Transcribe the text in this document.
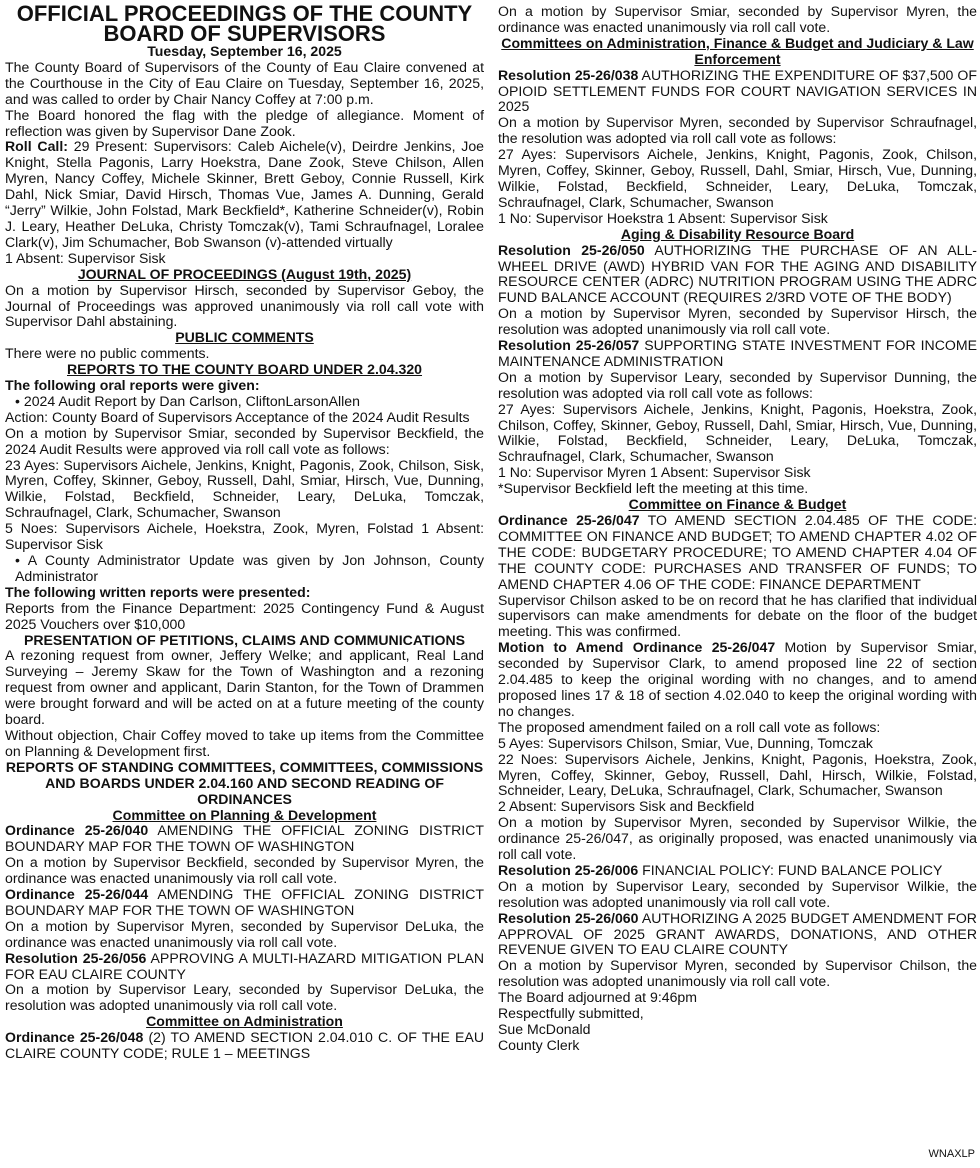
OFFICIAL PROCEEDINGS OF THE COUNTY BOARD OF SUPERVISORS

Tuesday, September 16, 2025

The County Board of Supervisors of the County of Eau Claire convened at the Courthouse in the City of Eau Claire on Tuesday, September 16, 2025, and was called to order by Chair Nancy Coffey at 7:00 p.m.

The Board honored the flag with the pledge of allegiance. Moment of reflection was given by Supervisor Dane Zook.

Roll Call: 29 Present: Supervisors: Caleb Aichele(v), Deirdre Jenkins, Joe Knight, Stella Pagonis, Larry Hoekstra, Dane Zook, Steve Chilson, Allen Myren, Nancy Coffey, Michele Skinner, Brett Geboy, Connie Russell, Kirk Dahl, Nick Smiar, David Hirsch, Thomas Vue, James A. Dunning, Gerald “Jerry” Wilkie, John Folstad, Mark Beckfield*, Katherine Schneider(v), Robin J. Leary, Heather DeLuka, Christy Tomczak(v), Tami Schraufnagel, Loralee Clark(v), Jim Schumacher, Bob Swanson (v)-attended virtually

1 Absent: Supervisor Sisk

JOURNAL OF PROCEEDINGS (August 19th, 2025)

On a motion by Supervisor Hirsch, seconded by Supervisor Geboy, the Journal of Proceedings was approved unanimously via roll call vote with Supervisor Dahl abstaining.

PUBLIC COMMENTS

There were no public comments.

REPORTS TO THE COUNTY BOARD UNDER 2.04.320

The following oral reports were given:

• 2024 Audit Report by Dan Carlson, CliftonLarsonAllen

Action: County Board of Supervisors Acceptance of the 2024 Audit Results

On a motion by Supervisor Smiar, seconded by Supervisor Beckfield, the 2024 Audit Results were approved via roll call vote as follows:

23 Ayes: Supervisors Aichele, Jenkins, Knight, Pagonis, Zook, Chilson, Sisk, Myren, Coffey, Skinner, Geboy, Russell, Dahl, Smiar, Hirsch, Vue, Dunning, Wilkie, Folstad, Beckfield, Schneider, Leary, DeLuka, Tomczak, Schraufnagel, Clark, Schumacher, Swanson

5 Noes: Supervisors Aichele, Hoekstra, Zook, Myren, Folstad 1 Absent: Supervisor Sisk

• A County Administrator Update was given by Jon Johnson, County Administrator

The following written reports were presented:

Reports from the Finance Department: 2025 Contingency Fund & August 2025 Vouchers over $10,000

PRESENTATION OF PETITIONS, CLAIMS AND COMMUNICATIONS

A rezoning request from owner, Jeffery Welke; and applicant, Real Land Surveying – Jeremy Skaw for the Town of Washington and a rezoning request from owner and applicant, Darin Stanton, for the Town of Drammen were brought forward and will be acted on at a future meeting of the county board.

Without objection, Chair Coffey moved to take up items from the Committee on Planning & Development first.

REPORTS OF STANDING COMMITTEES, COMMITTEES, COMMISSIONS AND BOARDS UNDER 2.04.160 AND SECOND READING OF ORDINANCES

Committee on Planning & Development

Ordinance 25-26/040 AMENDING THE OFFICIAL ZONING DISTRICT BOUNDARY MAP FOR THE TOWN OF WASHINGTON

On a motion by Supervisor Beckfield, seconded by Supervisor Myren, the ordinance was enacted unanimously via roll call vote.

Ordinance 25-26/044 AMENDING THE OFFICIAL ZONING DISTRICT BOUNDARY MAP FOR THE TOWN OF WASHINGTON

On a motion by Supervisor Myren, seconded by Supervisor DeLuka, the ordinance was enacted unanimously via roll call vote.

Resolution 25-26/056 APPROVING A MULTI-HAZARD MITIGATION PLAN FOR EAU CLAIRE COUNTY

On a motion by Supervisor Leary, seconded by Supervisor DeLuka, the resolution was adopted unanimously via roll call vote.

Committee on Administration

Ordinance 25-26/048 (2) TO AMEND SECTION 2.04.010 C. OF THE EAU CLAIRE COUNTY CODE; RULE 1 – MEETINGS

On a motion by Supervisor Smiar, seconded by Supervisor Myren, the ordinance was enacted unanimously via roll call vote.

Committees on Administration, Finance & Budget and Judiciary & Law Enforcement

Resolution 25-26/038 AUTHORIZING THE EXPENDITURE OF $37,500 OF OPIOID SETTLEMENT FUNDS FOR COURT NAVIGATION SERVICES IN 2025

On a motion by Supervisor Myren, seconded by Supervisor Schraufnagel, the resolution was adopted via roll call vote as follows:

27 Ayes: Supervisors Aichele, Jenkins, Knight, Pagonis, Zook, Chilson, Myren, Coffey, Skinner, Geboy, Russell, Dahl, Smiar, Hirsch, Vue, Dunning, Wilkie, Folstad, Beckfield, Schneider, Leary, DeLuka, Tomczak, Schraufnagel, Clark, Schumacher, Swanson

1 No: Supervisor Hoekstra 1 Absent: Supervisor Sisk

Aging & Disability Resource Board

Resolution 25-26/050 AUTHORIZING THE PURCHASE OF AN ALL-WHEEL DRIVE (AWD) HYBRID VAN FOR THE AGING AND DISABILITY RESOURCE CENTER (ADRC) NUTRITION PROGRAM USING THE ADRC FUND BALANCE ACCOUNT (REQUIRES 2/3RD VOTE OF THE BODY)

On a motion by Supervisor Myren, seconded by Supervisor Hirsch, the resolution was adopted unanimously via roll call vote.

Resolution 25-26/057 SUPPORTING STATE INVESTMENT FOR INCOME MAINTENANCE ADMINISTRATION

On a motion by Supervisor Leary, seconded by Supervisor Dunning, the resolution was adopted via roll call vote as follows:

27 Ayes: Supervisors Aichele, Jenkins, Knight, Pagonis, Hoekstra, Zook, Chilson, Coffey, Skinner, Geboy, Russell, Dahl, Smiar, Hirsch, Vue, Dunning, Wilkie, Folstad, Beckfield, Schneider, Leary, DeLuka, Tomczak, Schraufnagel, Clark, Schumacher, Swanson

1 No: Supervisor Myren 1 Absent: Supervisor Sisk

*Supervisor Beckfield left the meeting at this time.

Committee on Finance & Budget

Ordinance 25-26/047 TO AMEND SECTION 2.04.485 OF THE CODE: COMMITTEE ON FINANCE AND BUDGET; TO AMEND CHAPTER 4.02 OF THE CODE: BUDGETARY PROCEDURE; TO AMEND CHAPTER 4.04 OF THE COUNTY CODE: PURCHASES AND TRANSFER OF FUNDS; TO AMEND CHAPTER 4.06 OF THE CODE: FINANCE DEPARTMENT

Supervisor Chilson asked to be on record that he has clarified that individual supervisors can make amendments for debate on the floor of the budget meeting. This was confirmed.

Motion to Amend Ordinance 25-26/047 Motion by Supervisor Smiar, seconded by Supervisor Clark, to amend proposed line 22 of section 2.04.485 to keep the original wording with no changes, and to amend proposed lines 17 & 18 of section 4.02.040 to keep the original wording with no changes.

The proposed amendment failed on a roll call vote as follows:

5 Ayes: Supervisors Chilson, Smiar, Vue, Dunning, Tomczak

22 Noes: Supervisors Aichele, Jenkins, Knight, Pagonis, Hoekstra, Zook, Myren, Coffey, Skinner, Geboy, Russell, Dahl, Hirsch, Wilkie, Folstad, Schneider, Leary, DeLuka, Schraufnagel, Clark, Schumacher, Swanson

2 Absent: Supervisors Sisk and Beckfield

On a motion by Supervisor Myren, seconded by Supervisor Wilkie, the ordinance 25-26/047, as originally proposed, was enacted unanimously via roll call vote.

Resolution 25-26/006 FINANCIAL POLICY: FUND BALANCE POLICY

On a motion by Supervisor Leary, seconded by Supervisor Wilkie, the resolution was adopted unanimously via roll call vote.

Resolution 25-26/060 AUTHORIZING A 2025 BUDGET AMENDMENT FOR APPROVAL OF 2025 GRANT AWARDS, DONATIONS, AND OTHER REVENUE GIVEN TO EAU CLAIRE COUNTY

On a motion by Supervisor Myren, seconded by Supervisor Chilson, the resolution was adopted unanimously via roll call vote.

The Board adjourned at 9:46pm

Respectfully submitted,

Sue McDonald

County Clerk

WNAXLP
